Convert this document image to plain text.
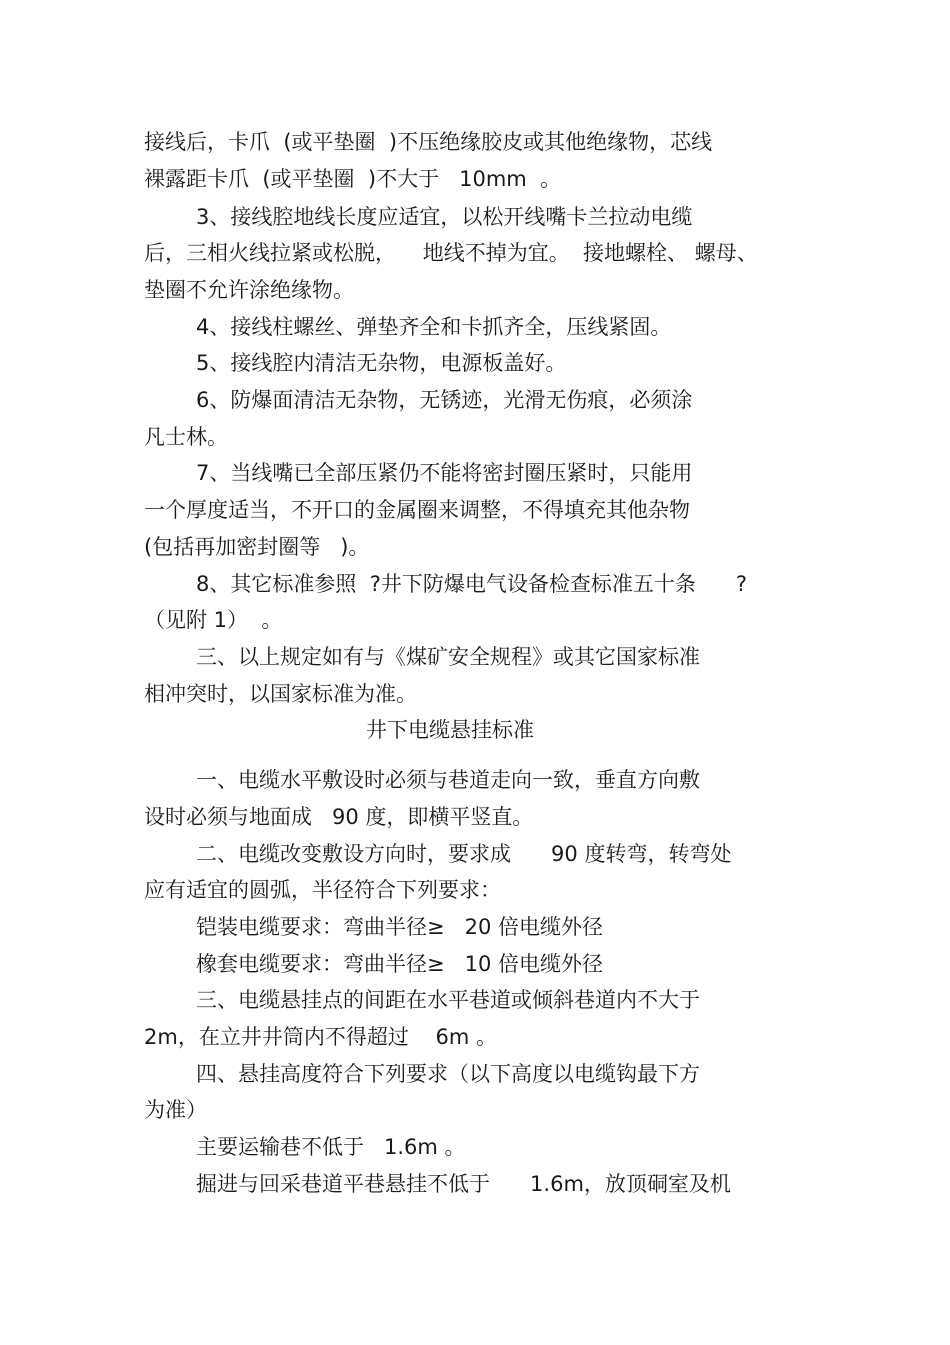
接线后，卡爪  (或平垫圈  )不压绝缘胶皮或其他绝缘物，芯线

裸露距卡爪  (或平垫圈  )不大于   10mm  。

3、接线腔地线长度应适宜，以松开线嘴卡兰拉动电缆

后，三相火线拉紧或松脱，    地线不掉为宜。  接地螺栓、 螺母、

垫圈不允许涂绝缘物。

4、接线柱螺丝、弹垫齐全和卡抓齐全，压线紧固。

5、接线腔内清洁无杂物，电源板盖好。

6、防爆面清洁无杂物，无锈迹，光滑无伤痕，必须涂

凡士林。

7、当线嘴已全部压紧仍不能将密封圈压紧时，只能用

一个厚度适当，不开口的金属圈来调整，不得填充其他杂物

(包括再加密封圈等   )。

8、其它标准参照  ?井下防爆电气设备检查标准五十条      ?

（见附 1）  。

三、以上规定如有与《煤矿安全规程》或其它国家标准

相冲突时，以国家标准为准。

井下电缆悬挂标准

一、电缆水平敷设时必须与巷道走向一致，垂直方向敷

设时必须与地面成   90 度，即横平竖直。

二、电缆改变敷设方向时，要求成      90 度转弯，转弯处

应有适宜的圆弧，半径符合下列要求：

铠装电缆要求：弯曲半径≥   20 倍电缆外径

橡套电缆要求：弯曲半径≥   10 倍电缆外径

三、电缆悬挂点的间距在水平巷道或倾斜巷道内不大于

2m，在立井井筒内不得超过    6m 。

四、悬挂高度符合下列要求（以下高度以电缆钩最下方

为准）

主要运输巷不低于   1.6m 。

掘进与回采巷道平巷悬挂不低于      1.6m，放顶硐室及机
